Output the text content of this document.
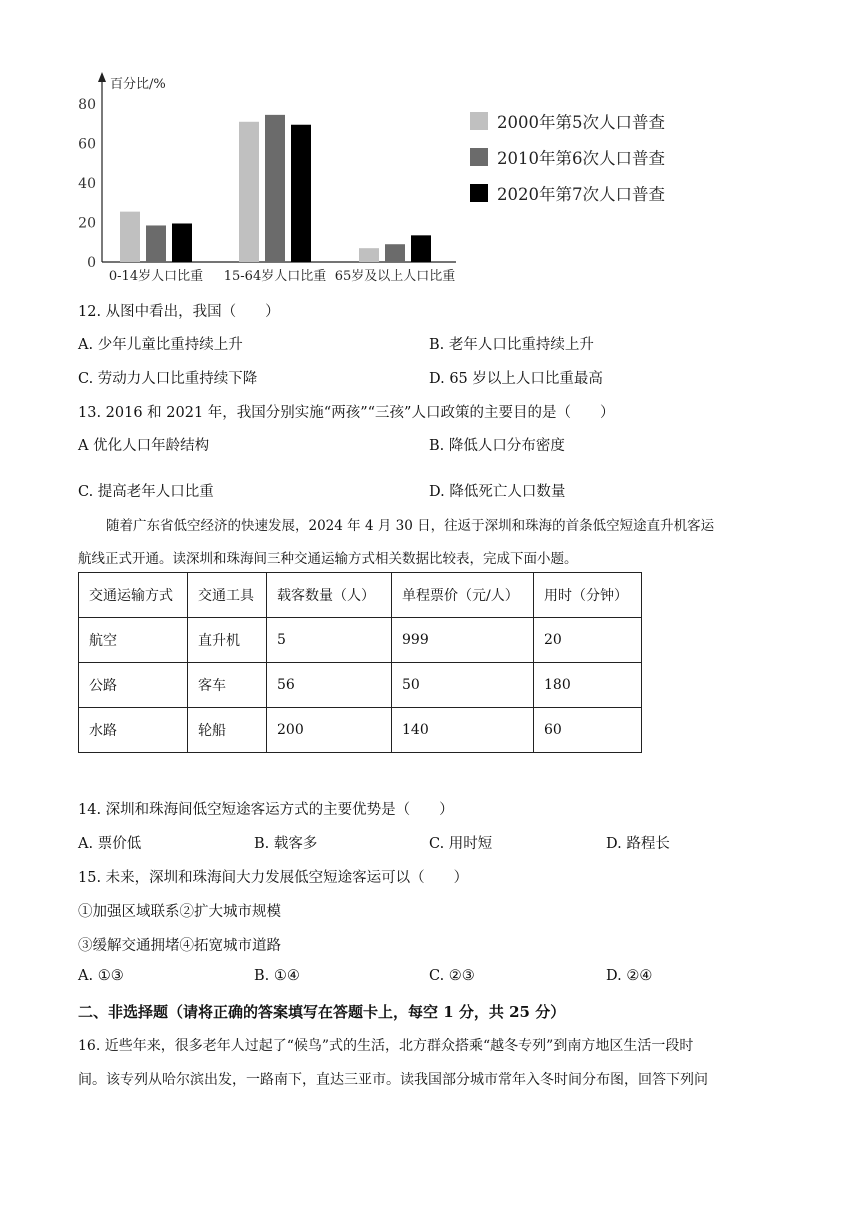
百分比/%
0
20
40
60
80
0-14岁人口比重 15-64岁人口比重 65岁及以上人口比重
2000年第5次人口普查
2010年第6次人口普查
2020年第7次人口普查
12. 从图中看出，我国（　　）
A. 少年儿童比重持续上升	B. 老年人口比重持续上升
C. 劳动力人口比重持续下降	D. 65 岁以上人口比重最高
13. 2016 和 2021 年，我国分别实施“两孩”“三孩”人口政策的主要目的是（　　）
A 优化人口年龄结构	B. 降低人口分布密度
C. 提高老年人口比重	D. 降低死亡人口数量
随着广东省低空经济的快速发展，2024 年 4 月 30 日，往返于深圳和珠海的首条低空短途直升机客运
航线正式开通。读深圳和珠海间三种交通运输方式相关数据比较表，完成下面小题。
交通运输方式	交通工具	载客数量（人）	单程票价（元/人）	用时（分钟）
航空	直升机	5	999	20
公路	客车	56	50	180
水路	轮船	200	140	60
14. 深圳和珠海间低空短途客运方式的主要优势是（　　）
A. 票价低	B. 载客多	C. 用时短	D. 路程长
15. 未来，深圳和珠海间大力发展低空短途客运可以（　　）
①加强区域联系②扩大城市规模
③缓解交通拥堵④拓宽城市道路
A. ①③	B. ①④	C. ②③	D. ②④
二、非选择题（请将正确的答案填写在答题卡上，每空 1 分，共 25 分）
16. 近些年来，很多老年人过起了“候鸟”式的生活，北方群众搭乘“越冬专列”到南方地区生活一段时
间。该专列从哈尔滨出发，一路南下，直达三亚市。读我国部分城市常年入冬时间分布图，回答下列问
